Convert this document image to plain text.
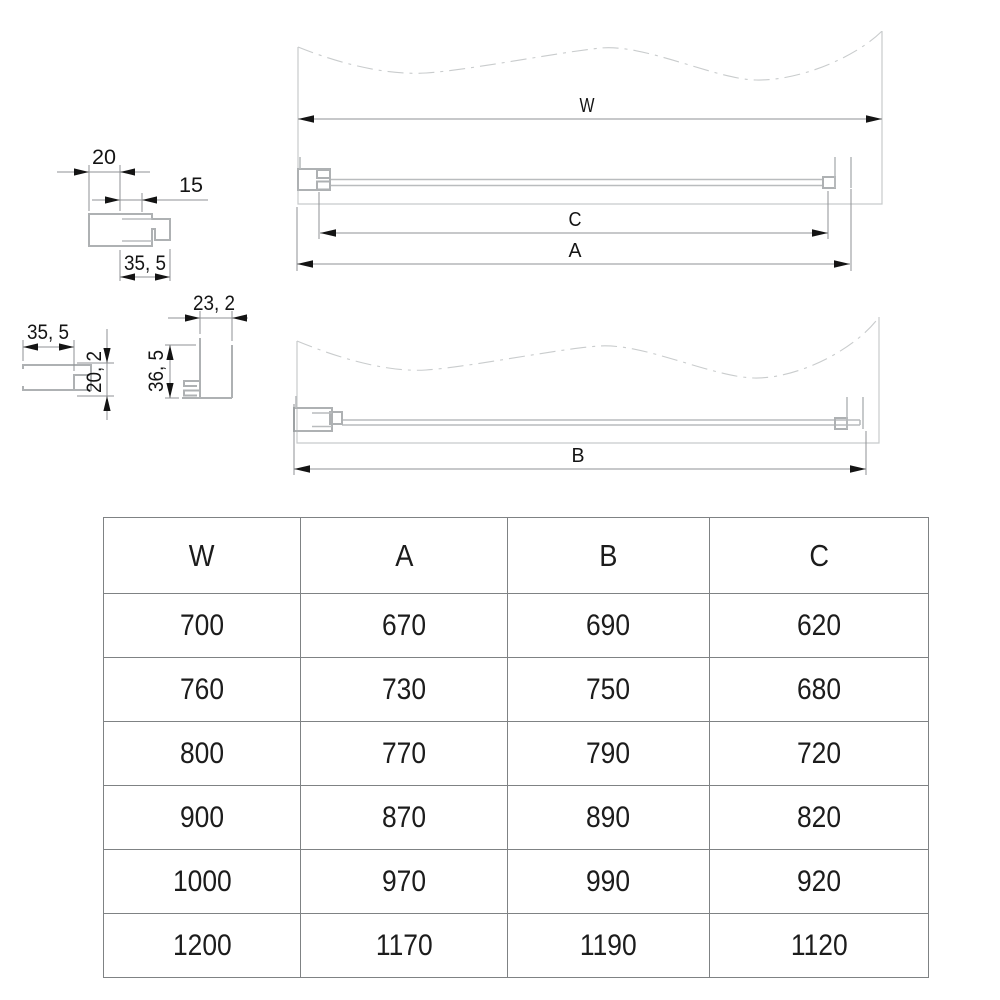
20
15
35, 5
35, 5
20, 2
23, 2
36, 5
W
C
A
B
W	A	B	C
700	670	690	620
760	730	750	680
800	770	790	720
900	870	890	820
1000	970	990	920
1200	1170	1190	1120
